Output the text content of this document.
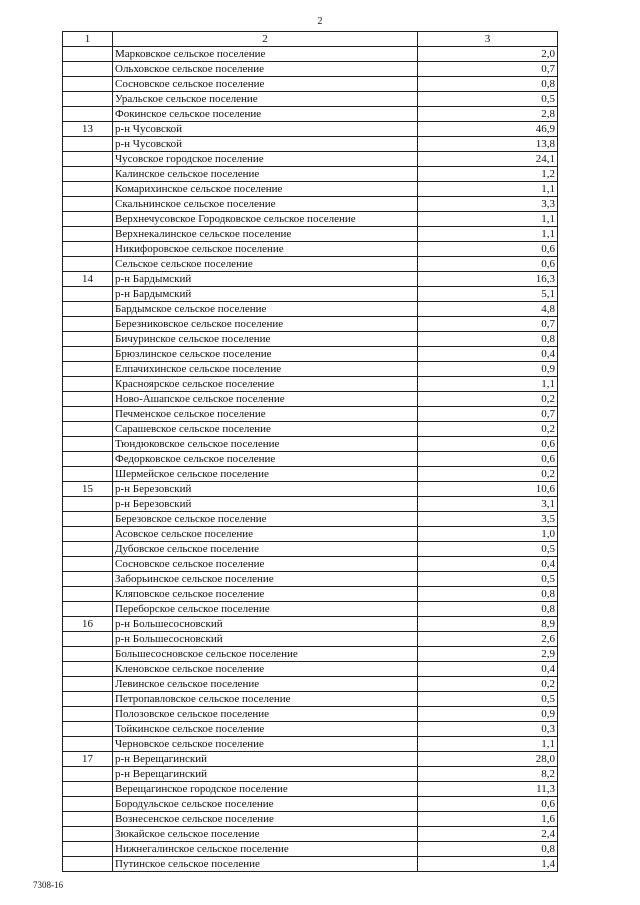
2
1	2	3
	Марковское сельское поселение	2,0
	Ольховское сельское поселение	0,7
	Сосновское сельское поселение	0,8
	Уральское сельское поселение	0,5
	Фокинское сельское поселение	2,8
13	р-н Чусовской	46,9
	р-н Чусовской	13,8
	Чусовское городское поселение	24,1
	Калинское сельское поселение	1,2
	Комарихинское сельское поселение	1,1
	Скальнинское сельское поселение	3,3
	Верхнечусовское Городковское сельское поселение	1,1
	Верхнекалинское сельское поселение	1,1
	Никифоровское сельское поселение	0,6
	Сельское сельское поселение	0,6
14	р-н Бардымский	16,3
	р-н Бардымский	5,1
	Бардымское сельское поселение	4,8
	Березниковское сельское поселение	0,7
	Бичуринское сельское поселение	0,8
	Брюзлинское сельское поселение	0,4
	Елпачихинское сельское поселение	0,9
	Красноярское сельское поселение	1,1
	Ново-Ашапское сельское поселение	0,2
	Печменское сельское поселение	0,7
	Сарашевское сельское поселение	0,2
	Тюндюковское сельское поселение	0,6
	Федорковское сельское поселение	0,6
	Шермейское сельское поселение	0,2
15	р-н Березовский	10,6
	р-н Березовский	3,1
	Березовское сельское поселение	3,5
	Асовское сельское поселение	1,0
	Дубовское сельское поселение	0,5
	Сосновское сельское поселение	0,4
	Заборьинское сельское поселение	0,5
	Кляповское сельское поселение	0,8
	Переборское сельское поселение	0,8
16	р-н Большесосновский	8,9
	р-н Большесосновский	2,6
	Большесосновское сельское поселение	2,9
	Кленовское сельское поселение	0,4
	Левинское сельское поселение	0,2
	Петропавловское сельское поселение	0,5
	Полозовское сельское поселение	0,9
	Тойкинское сельское поселение	0,3
	Черновское сельское поселение	1,1
17	р-н Верещагинский	28,0
	р-н Верещагинский	8,2
	Верещагинское городское поселение	11,3
	Бородульское сельское поселение	0,6
	Вознесенское сельское поселение	1,6
	Зюкайское сельское поселение	2,4
	Нижнегалинское сельское поселение	0,8
	Путинское сельское поселение	1,4
7308-16
